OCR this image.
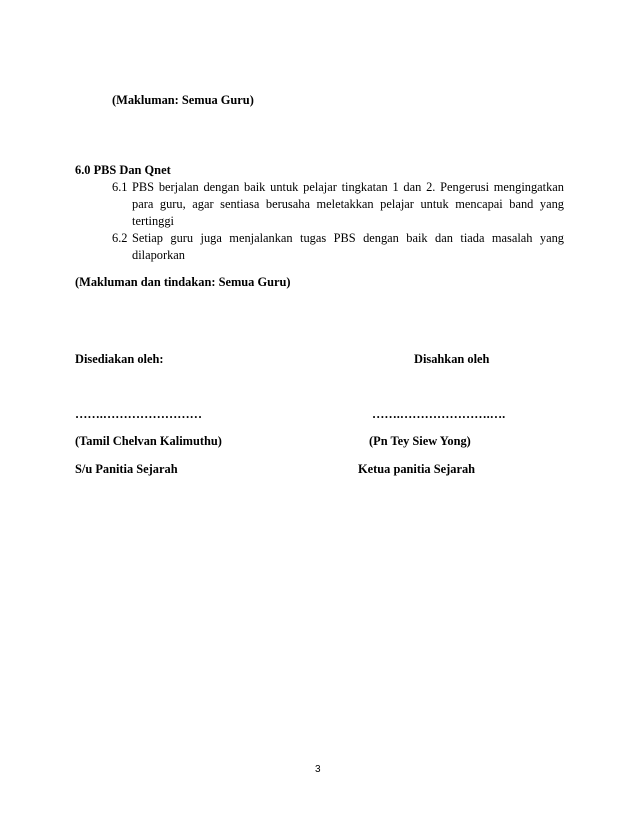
(Makluman: Semua Guru)
6.0 PBS Dan Qnet
6.1 PBS berjalan dengan baik untuk pelajar tingkatan 1 dan 2. Pengerusi mengingatkan
para guru, agar sentiasa berusaha meletakkan pelajar untuk mencapai band yang
tertinggi
6.2 Setiap guru juga menjalankan tugas PBS dengan baik dan tiada masalah yang
dilaporkan
(Makluman dan tindakan: Semua Guru)
Disediakan oleh:	Disahkan oleh
…….……………………	…….………………….….
(Tamil Chelvan Kalimuthu)	(Pn Tey Siew Yong)
S/u Panitia Sejarah	Ketua panitia Sejarah
3
